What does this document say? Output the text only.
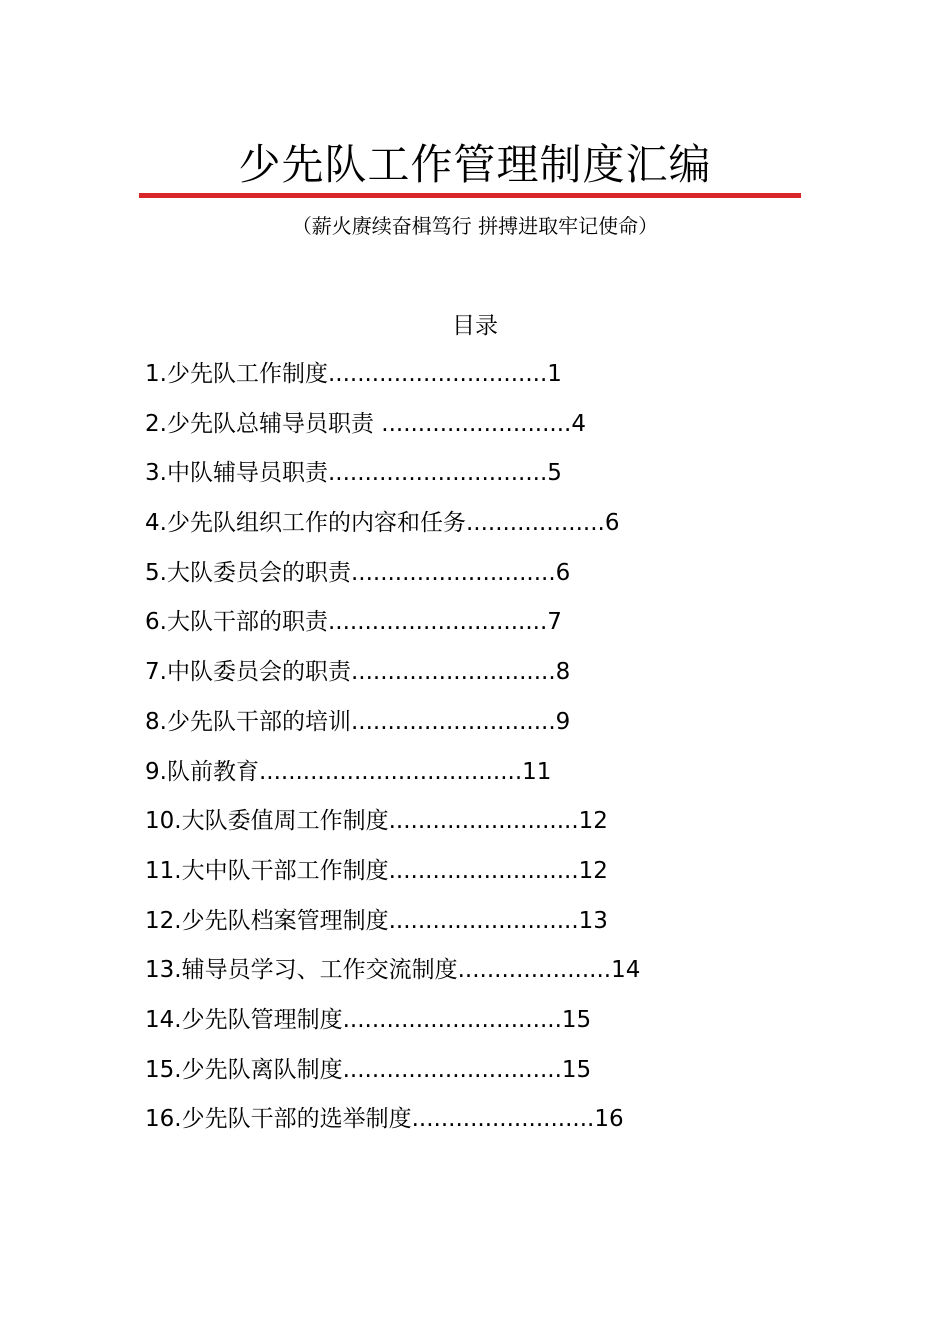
少先队工作管理制度汇编
（薪火赓续奋楫笃行 拼搏进取牢记使命）
目录
1.少先队工作制度..............................1
2.少先队总辅导员职责 ..........................4
3.中队辅导员职责..............................5
4.少先队组织工作的内容和任务...................6
5.大队委员会的职责............................6
6.大队干部的职责..............................7
7.中队委员会的职责............................8
8.少先队干部的培训............................9
9.队前教育....................................11
10.大队委值周工作制度..........................12
11.大中队干部工作制度..........................12
12.少先队档案管理制度..........................13
13.辅导员学习、工作交流制度.....................14
14.少先队管理制度..............................15
15.少先队离队制度..............................15
16.少先队干部的选举制度.........................16
